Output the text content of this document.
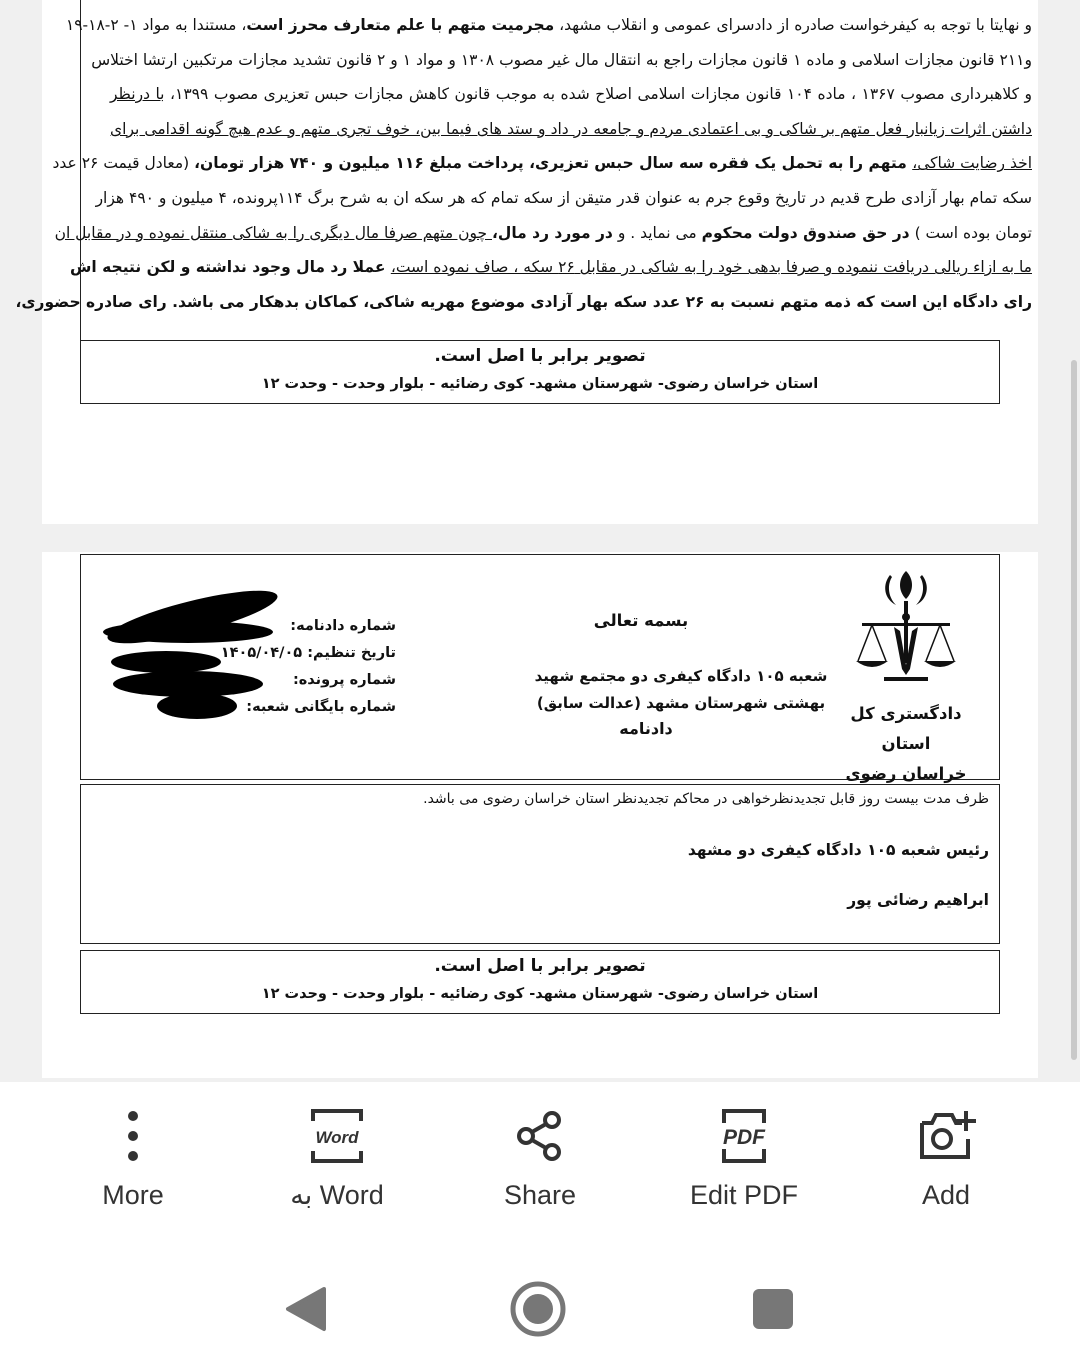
و نهایتا با توجه به کیفرخواست صادره از دادسرای عمومی و انقلاب مشهد، مجرمیت متهم با علم متعارف محرز است، مستندا به مواد ۱- ۲-۱۸-۱۹
و۲۱۱ قانون مجازات اسلامی و ماده ۱ قانون مجازات راجع به انتقال مال غیر مصوب ۱۳۰۸ و مواد ۱ و ۲ قانون تشدید مجازات مرتکبین ارتشا اختلاس
و کلاهبرداری مصوب ۱۳۶۷ ، ماده ۱۰۴ قانون مجازات اسلامی اصلاح شده به موجب قانون کاهش مجازات حبس تعزیری مصوب ۱۳۹۹، با درنظر
داشتن اثرات زیانبار فعل متهم بر شاکی و بی اعتمادی مردم و جامعه در داد و ستد های فیما بین، خوف تجری متهم و عدم هیچ گونه اقدامی برای
اخذ رضایت شاکی، متهم را به تحمل یک فقره سه سال حبس تعزیری، پرداخت مبلغ ۱۱۶ میلیون و ۷۴۰ هزار تومان، (معادل قیمت ۲۶ عدد
سکه تمام بهار آزادی طرح قدیم در تاریخ وقوع جرم به عنوان قدر متیقن از سکه تمام که هر سکه ان به شرح برگ ۱۱۴پرونده، ۴ میلیون و ۴۹۰ هزار
تومان بوده است ) در حق صندوق دولت محکوم می نماید . و در مورد رد مال، چون متهم صرفا مال دیگری را به شاکی منتقل نموده و در مقابل ان
ما به ازاء ریالی دریافت ننموده و صرفا بدهی خود را به شاکی در مقابل ۲۶ سکه ، صاف نموده است، عملا رد مال وجود نداشته و لکن نتیجه اش
رای دادگاه این است که ذمه متهم نسبت به ۲۶ عدد سکه بهار آزادی موضوع مهریه شاکی، کماکان بدهکار می باشد. رای صادره حضوری،
تصویر برابر با اصل است.
استان خراسان رضوی- شهرستان مشهد- کوی رضائیه - بلوار وحدت - وحدت ۱۲
دادگستری کل استان
خراسان رضوی
بسمه تعالی
شعبه ۱۰۵ دادگاه کیفری دو مجتمع شهید بهشتی شهرستان مشهد (عدالت سابق)
دادنامه
شماره دادنامه:
تاریخ تنظیم: ۱۴۰۵/۰۴/۰۵
شماره پرونده:
شماره بایگانی شعبه:
ظرف مدت بیست روز قابل تجدیدنظرخواهی در محاکم تجدیدنظر استان خراسان رضوی می باشد.
رئیس شعبه ۱۰۵ دادگاه کیفری دو مشهد
ابراهیم رضائی پور
تصویر برابر با اصل است.
استان خراسان رضوی- شهرستان مشهد- کوی رضائیه - بلوار وحدت - وحدت ۱۲
More
Word
به Word	Share
PDF
Edit PDF	Add
